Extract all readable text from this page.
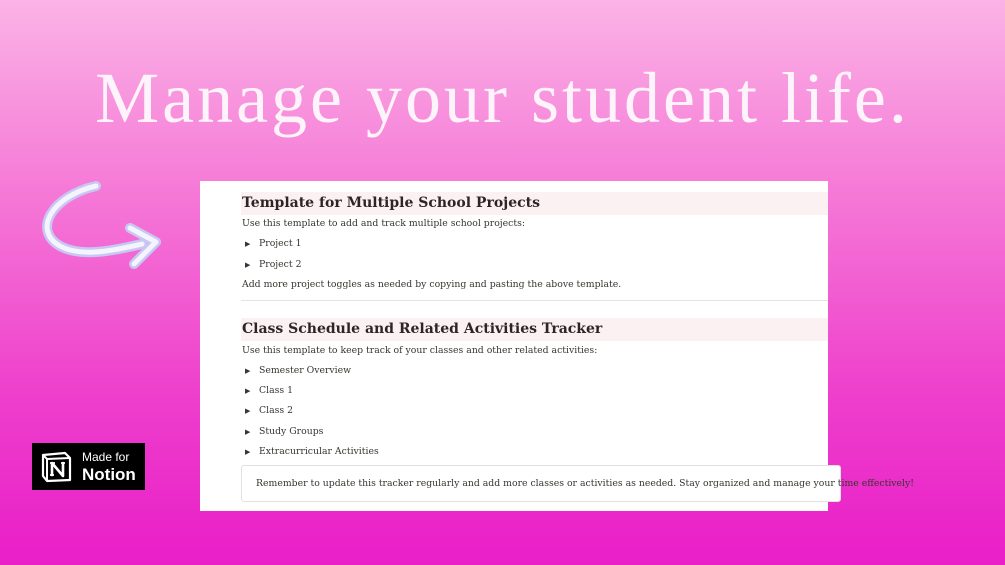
Manage your student life.
Template for Multiple School Projects
Use this template to add and track multiple school projects:
▶ Project 1
▶ Project 2
Add more project toggles as needed by copying and pasting the above template.
Class Schedule and Related Activities Tracker
Use this template to keep track of your classes and other related activities:
▶ Semester Overview
▶ Class 1
▶ Class 2
▶ Study Groups
▶ Extracurricular Activities
Remember to update this tracker regularly and add more classes or activities as needed. Stay organized and manage your time effectively!
Made for
Notion
